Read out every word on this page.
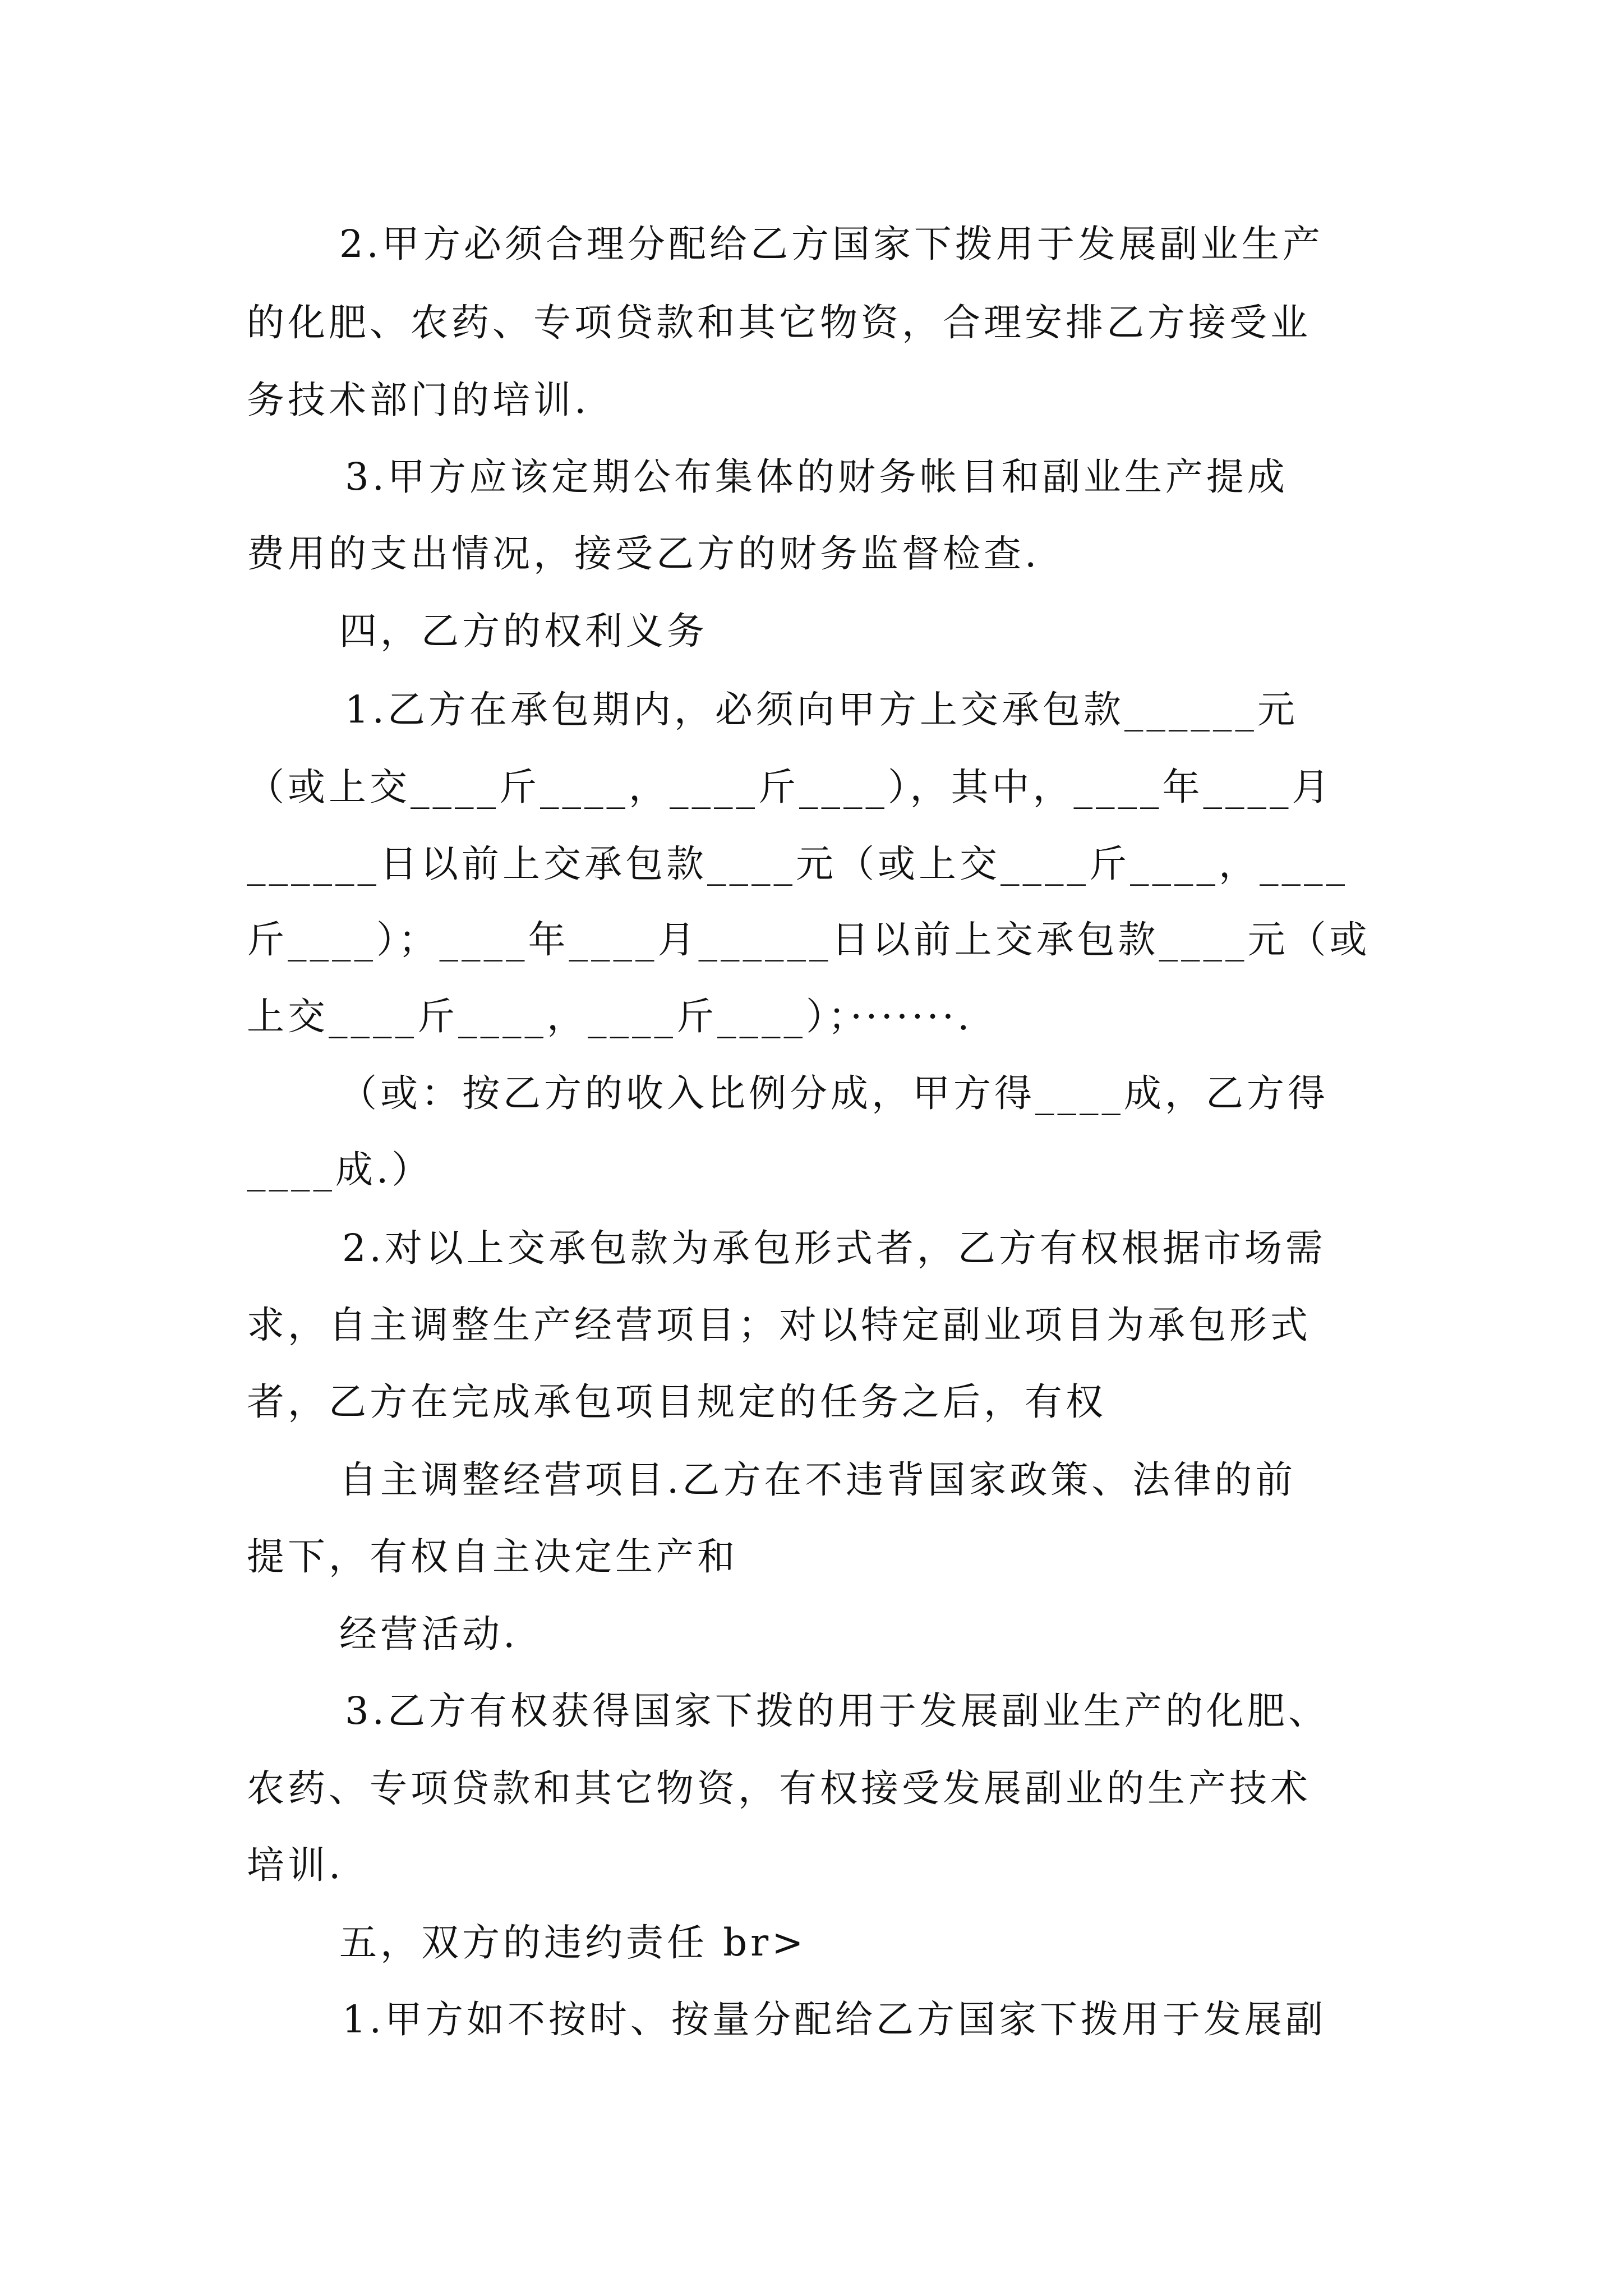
2.甲方必须合理分配给乙方国家下拨用于发展副业生产
的化肥、农药、专项贷款和其它物资，合理安排乙方接受业
务技术部门的培训.
3.甲方应该定期公布集体的财务帐目和副业生产提成
费用的支出情况，接受乙方的财务监督检查.
四，乙方的权利义务
1.乙方在承包期内，必须向甲方上交承包款______元
（或上交____斤____，____斤____），其中，____年____月
______日以前上交承包款____元（或上交____斤____，____
斤____）；____年____月______日以前上交承包款____元（或
上交____斤____，____斤____）；·······.
（或：按乙方的收入比例分成，甲方得____成，乙方得
____成.）
2.对以上交承包款为承包形式者，乙方有权根据市场需
求，自主调整生产经营项目；对以特定副业项目为承包形式
者，乙方在完成承包项目规定的任务之后，有权
自主调整经营项目.乙方在不违背国家政策、法律的前
提下，有权自主决定生产和
经营活动.
3.乙方有权获得国家下拨的用于发展副业生产的化肥、
农药、专项贷款和其它物资，有权接受发展副业的生产技术
培训.
五，双方的违约责任 br>
1.甲方如不按时、按量分配给乙方国家下拨用于发展副
